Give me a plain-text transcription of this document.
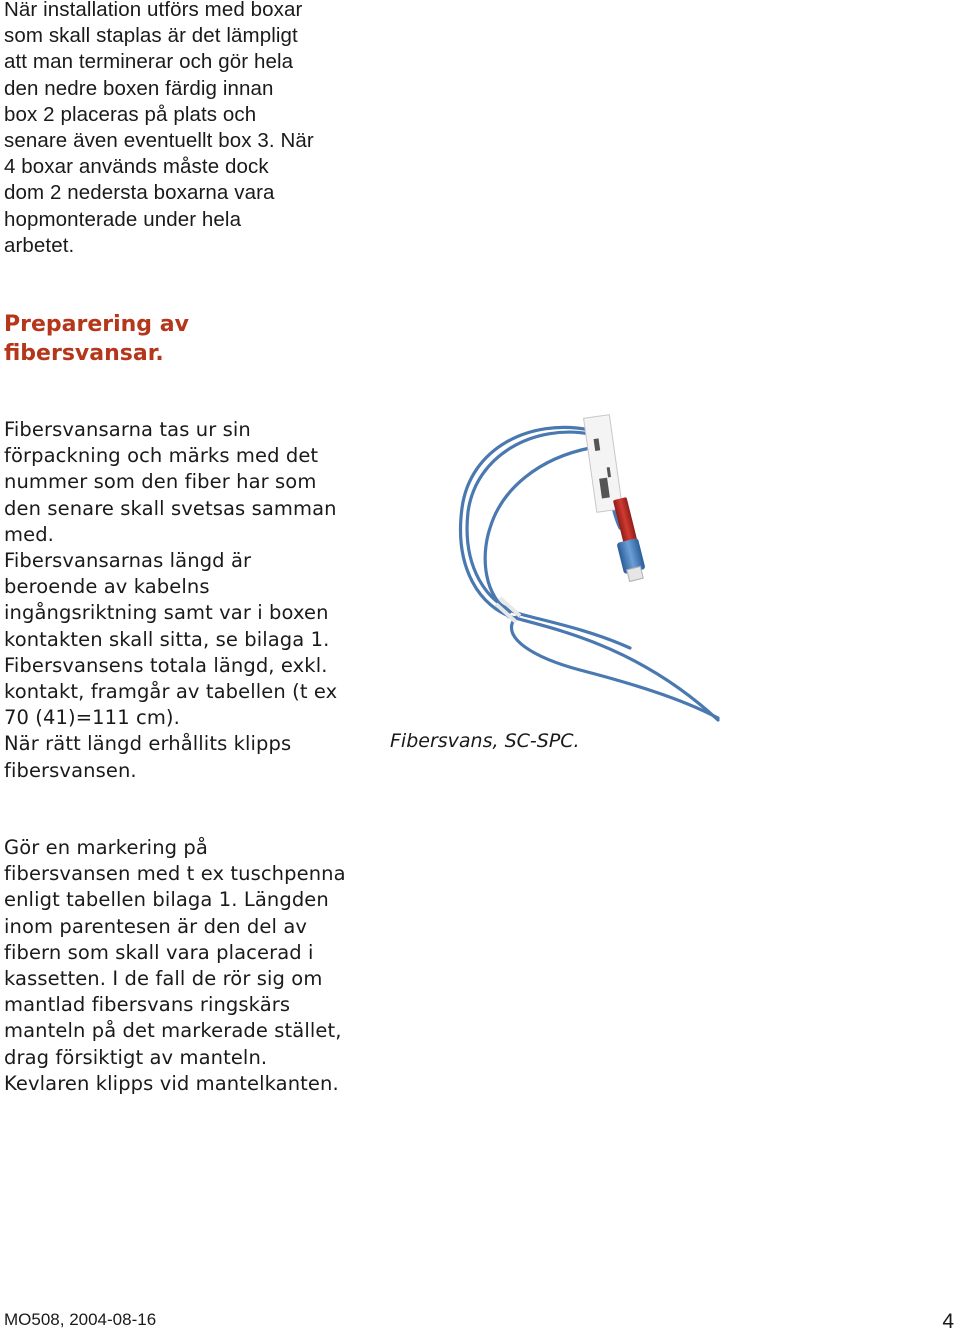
När installation utförs med boxar
som skall staplas är det lämpligt
att man terminerar och gör hela
den nedre boxen färdig innan
box 2 placeras på plats och
senare även eventuellt box 3. När
4 boxar används måste dock
dom 2 nedersta boxarna vara
hopmonterade under hela
arbetet.
Preparering av
fibersvansar.
Fibersvansarna tas ur sin
förpackning och märks med det
nummer som den fiber har som
den senare skall svetsas samman
med.
Fibersvansarnas längd är
beroende av kabelns
ingångsriktning samt var i boxen
kontakten skall sitta, se bilaga 1.
Fibersvansens totala längd, exkl.
kontakt, framgår av tabellen (t ex
70 (41)=111 cm).
När rätt längd erhållits klipps
fibersvansen.
Fibersvans, SC-SPC.
Gör en markering på
fibersvansen med t ex tuschpenna
enligt tabellen bilaga 1. Längden
inom parentesen är den del av
fibern som skall vara placerad i
kassetten. I de fall de rör sig om
mantlad fibersvans ringskärs
manteln på det markerade stället,
drag försiktigt av manteln.
Kevlaren klipps vid mantelkanten.
MO508, 2004-08-16	4
